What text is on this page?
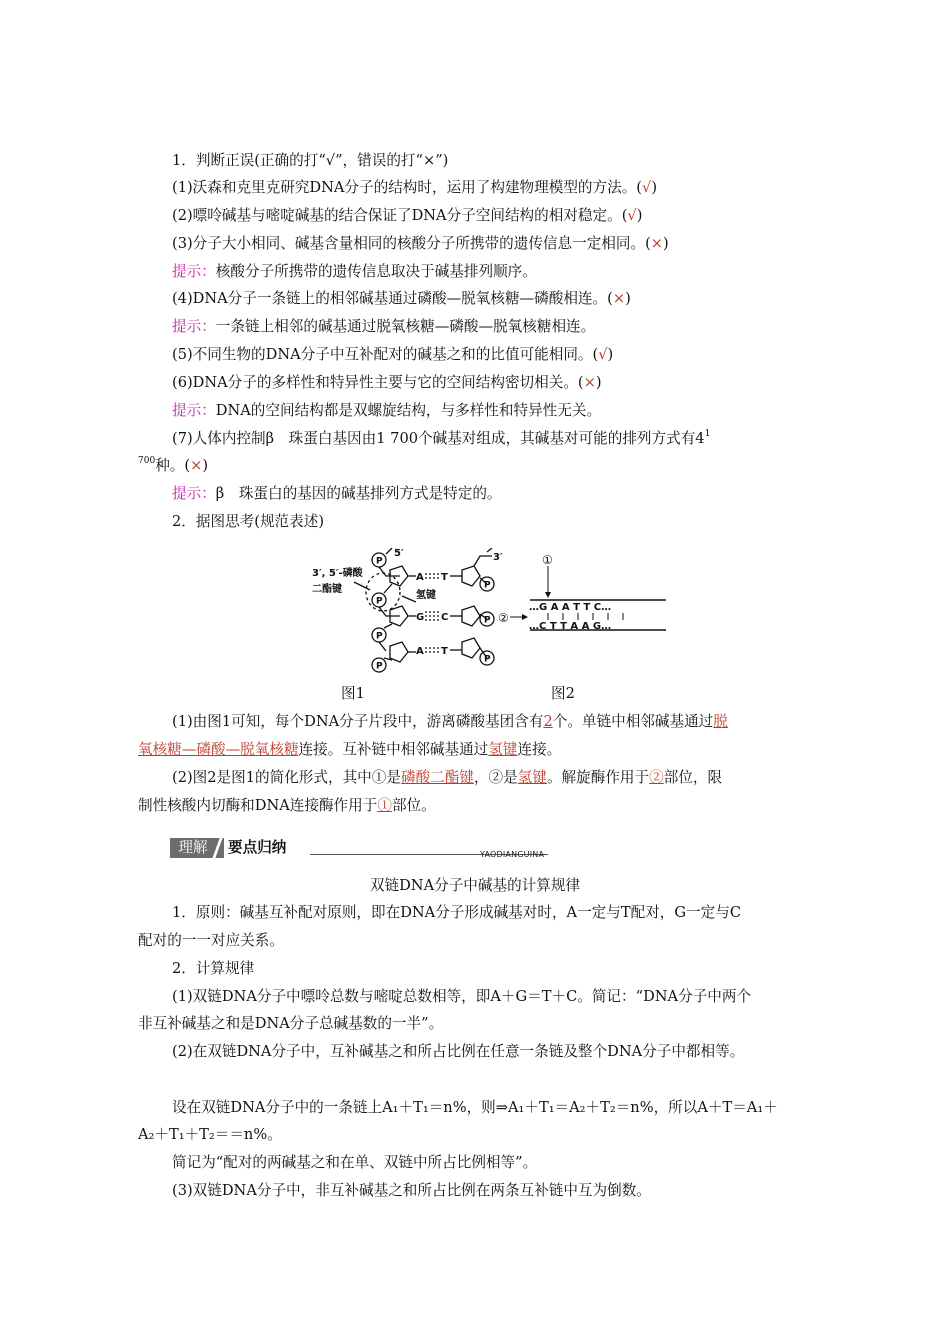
1．判断正误(正确的打“√”，错误的打“×”)
(1)沃森和克里克研究DNA分子的结构时，运用了构建物理模型的方法。(√)
(2)嘌呤碱基与嘧啶碱基的结合保证了DNA分子空间结构的相对稳定。(√)
(3)分子大小相同、碱基含量相同的核酸分子所携带的遗传信息一定相同。(×)
提示：核酸分子所携带的遗传信息取决于碱基排列顺序。
(4)DNA分子一条链上的相邻碱基通过磷酸—脱氧核糖—磷酸相连。(×)
提示：一条链上相邻的碱基通过脱氧核糖—磷酸—脱氧核糖相连。
(5)不同生物的DNA分子中互补配对的碱基之和的比值可能相同。(√)
(6)DNA分子的多样性和特异性主要与它的空间结构密切相关。(×)
提示：DNA的空间结构都是双螺旋结构，与多样性和特异性无关。
(7)人体内控制β　珠蛋白基因由1 700个碱基对组成，其碱基对可能的排列方式有$4^1$
$^{700}$种。(×)
提示：β　珠蛋白的基因的碱基排列方式是特定的。
2．据图思考(规范表述)
P
P
P
P
P
P
P
5′	3′
3′, 5′-磷酸
二酯键
氢键
A T
G C
A T
…G A A T T C…
…C T T A A G…
①
②
图1	图2
(1)由图1可知，每个DNA分子片段中，游离磷酸基团含有2个。单链中相邻碱基通过脱
氧核糖—磷酸—脱氧核糖连接。互补链中相邻碱基通过氢键连接。
(2)图2是图1的简化形式，其中①是磷酸二酯键，②是氢键。解旋酶作用于②部位，限
制性核酸内切酶和DNA连接酶作用于①部位。
理解	要点归纳	YAODIANGUINA
双链DNA分子中碱基的计算规律
1．原则：碱基互补配对原则，即在DNA分子形成碱基对时，A一定与T配对，G一定与C
配对的一一对应关系。
2．计算规律
(1)双链DNA分子中嘌呤总数与嘧啶总数相等，即A＋G＝T＋C。简记：“DNA分子中两个
非互补碱基之和是DNA分子总碱基数的一半”。
(2)在双链DNA分子中，互补碱基之和所占比例在任意一条链及整个DNA分子中都相等。
设在双链DNA分子中的一条链上A₁＋T₁＝n%，则⇒A₁＋T₁＝A₂＋T₂＝n%，所以A＋T＝A₁＋
A₂＋T₁＋T₂＝＝n%。
简记为“配对的两碱基之和在单、双链中所占比例相等”。
(3)双链DNA分子中，非互补碱基之和所占比例在两条互补链中互为倒数。
